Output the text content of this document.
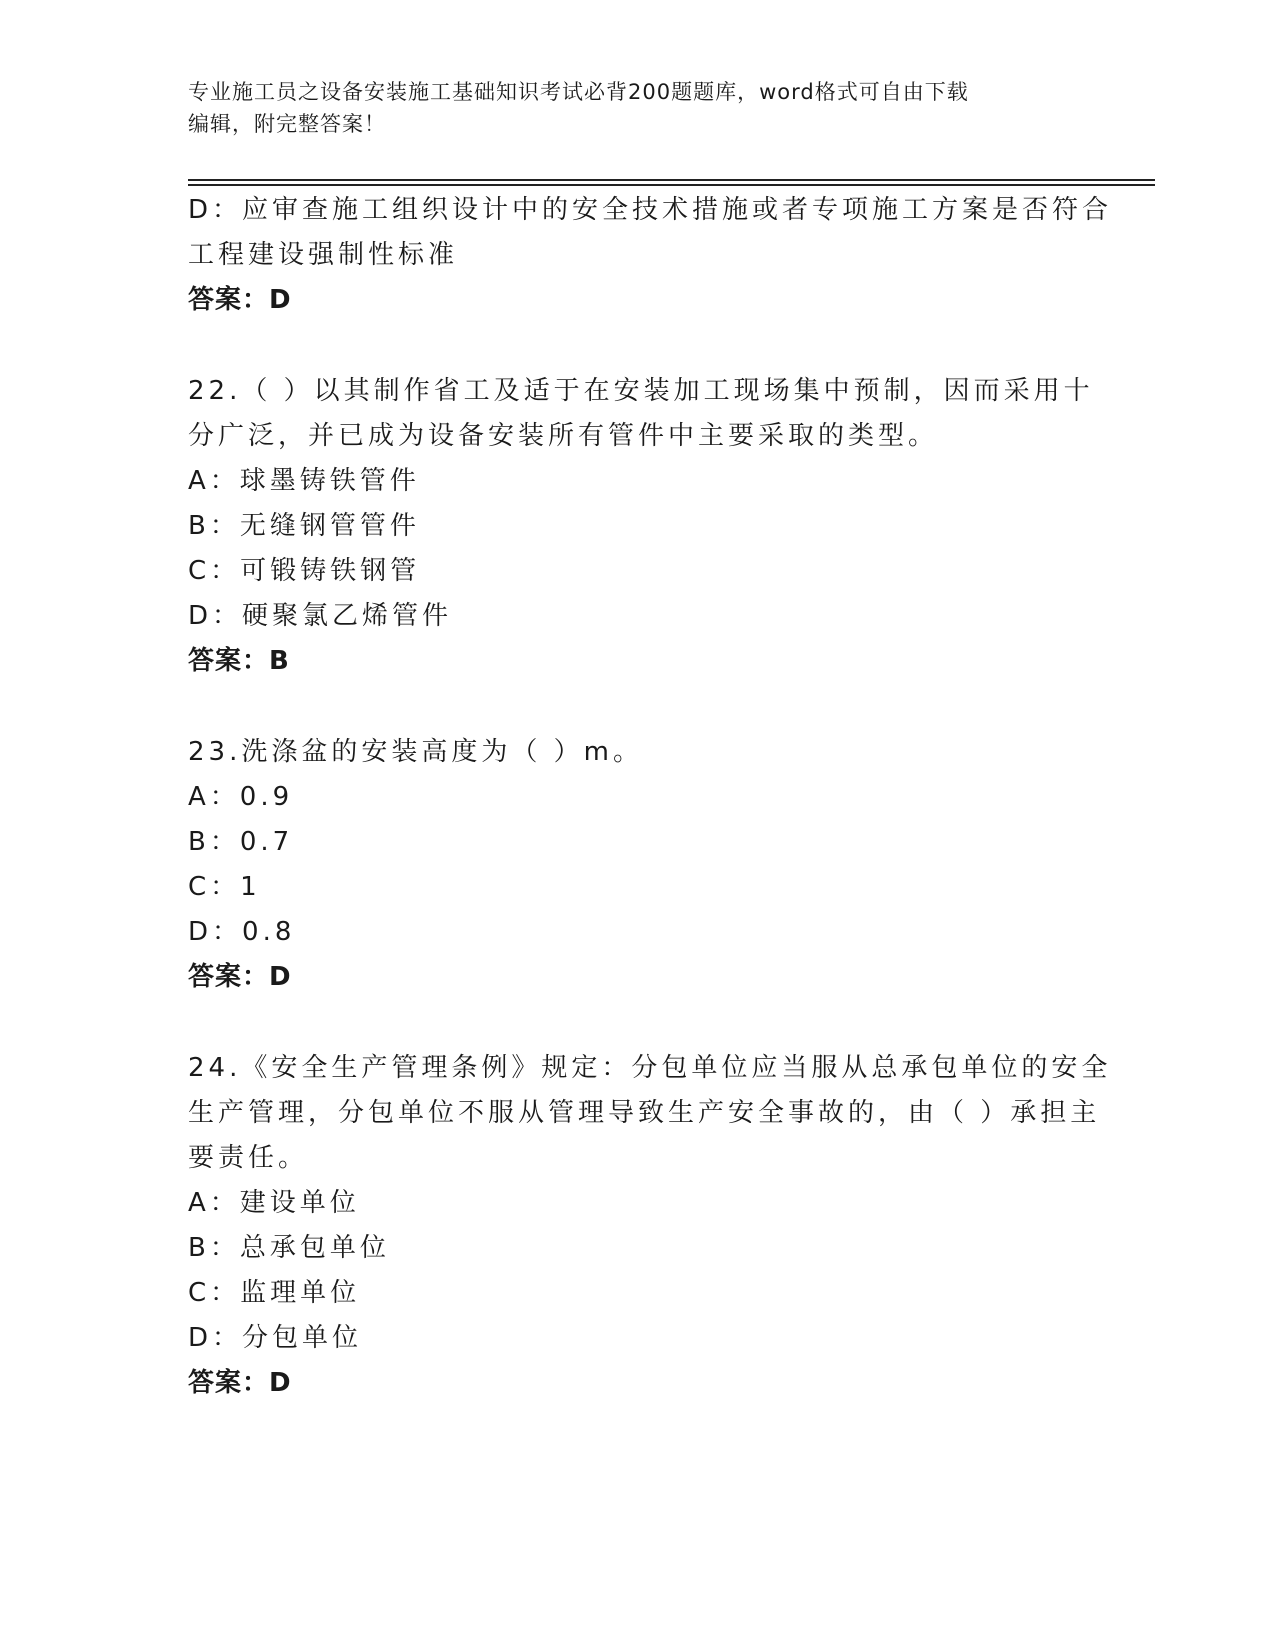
专业施工员之设备安装施工基础知识考试必背200题题库，word格式可自由下载
编辑，附完整答案！
D：应审查施工组织设计中的安全技术措施或者专项施工方案是否符合
工程建设强制性标准
答案：D
22.（ ）以其制作省工及适于在安装加工现场集中预制，因而采用十
分广泛，并已成为设备安装所有管件中主要采取的类型。
A：球墨铸铁管件
B：无缝钢管管件
C：可锻铸铁钢管
D：硬聚氯乙烯管件
答案：B
23.洗涤盆的安装高度为（ ）m。
A：0.9
B：0.7
C：1
D：0.8
答案：D
24.《安全生产管理条例》规定：分包单位应当服从总承包单位的安全
生产管理，分包单位不服从管理导致生产安全事故的，由（ ）承担主
要责任。
A：建设单位
B：总承包单位
C：监理单位
D：分包单位
答案：D
